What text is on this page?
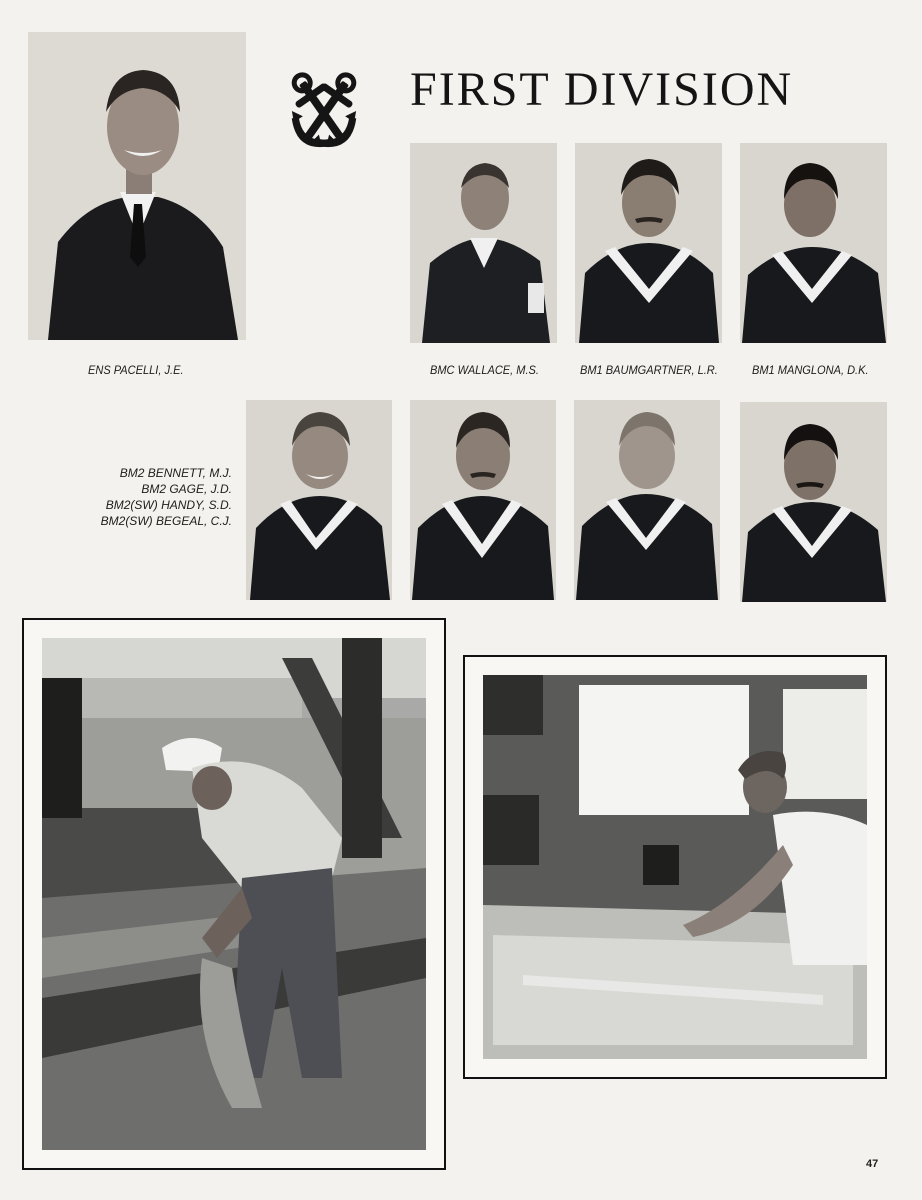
ENS PACELLI, J.E.
FIRST DIVISION
BMC WALLACE, M.S.	BM1 BAUMGARTNER, L.R.	BM1 MANGLONA, D.K.
BM2 BENNETT, M.J.
BM2 GAGE, J.D.
BM2(SW) HANDY, S.D.
BM2(SW) BEGEAL, C.J.
47
